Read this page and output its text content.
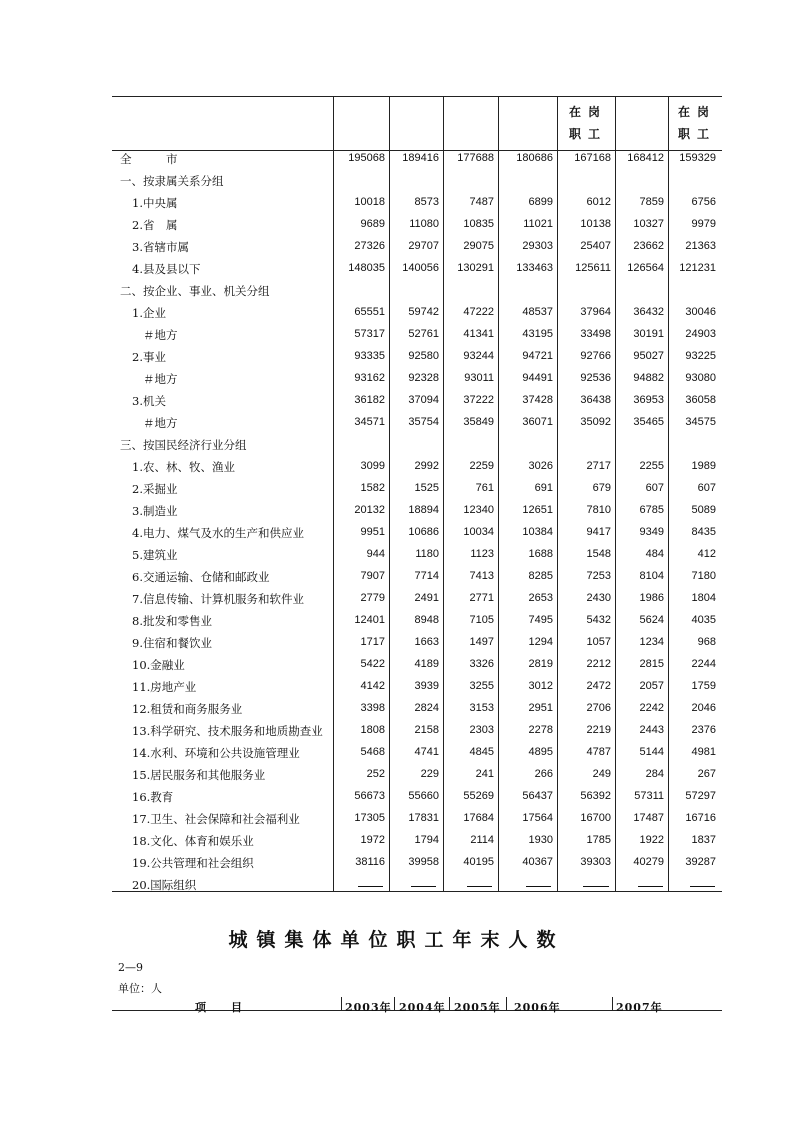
在岗
职工
在岗
职工
全　　　市	195068 189416 177688 180686 167168 168412 159329
一、按隶属关系分组
1.中央属	10018	8573	7487	6899	6012	7859	6756
2.省　属	9689 11080 10835	11021 10138 10327	9979
3.省辖市属	27326 29707 29075	29303 25407 23662 21363
4.县及县以下	148035 140056 130291 133463 125611 126564 121231
二、按企业、事业、机关分组
1.企业	65551 59742 47222	48537 37964 36432 30046
＃地方	57317 52761 41341	43195 33498 30191 24903
2.事业	93335 92580 93244	94721 92766 95027 93225
＃地方	93162 92328 93011	94491 92536 94882 93080
3.机关	36182 37094 37222	37428 36438 36953 36058
＃地方	34571 35754 35849	36071 35092 35465 34575
三、按国民经济行业分组
1.农、林、牧、渔业	3099	2992	2259	3026	2717	2255	1989
2.采掘业	1582	1525	761	691	679	607	607
3.制造业	20132 18894 12340	12651	7810	6785	5089
4.电力、煤气及水的生产和供应业	9951 10686 10034	10384	9417	9349	8435
5.建筑业	944	1180	1123	1688	1548	484	412
6.交通运输、仓储和邮政业	7907	7714	7413	8285	7253	8104	7180
7.信息传输、计算机服务和软件业	2779	2491	2771	2653	2430	1986	1804
8.批发和零售业	12401	8948	7105	7495	5432	5624	4035
9.住宿和餐饮业	1717	1663	1497	1294	1057	1234	968
10.金融业	5422	4189	3326	2819	2212	2815	2244
11.房地产业	4142	3939	3255	3012	2472	2057	1759
12.租赁和商务服务业	3398	2824	3153	2951	2706	2242	2046
13.科学研究、技术服务和地质勘查业	1808	2158	2303	2278	2219	2443	2376
14.水利、环境和公共设施管理业	5468	4741	4845	4895	4787	5144	4981
15.居民服务和其他服务业	252	229	241	266	249	284	267
16.教育	56673 55660 55269	56437 56392 57311 57297
17.卫生、社会保障和社会福利业	17305 17831 17684	17564 16700 17487 16716
18.文化、体育和娱乐业	1972	1794	2114	1930	1785	1922	1837
19.公共管理和社会组织	38116 39958 40195	40367 39303 40279 39287
20.国际组织
城镇集体单位职工年末人数
2—9
单位：人
项　　目	2003年 2004年 2005年 2006年	2007年
